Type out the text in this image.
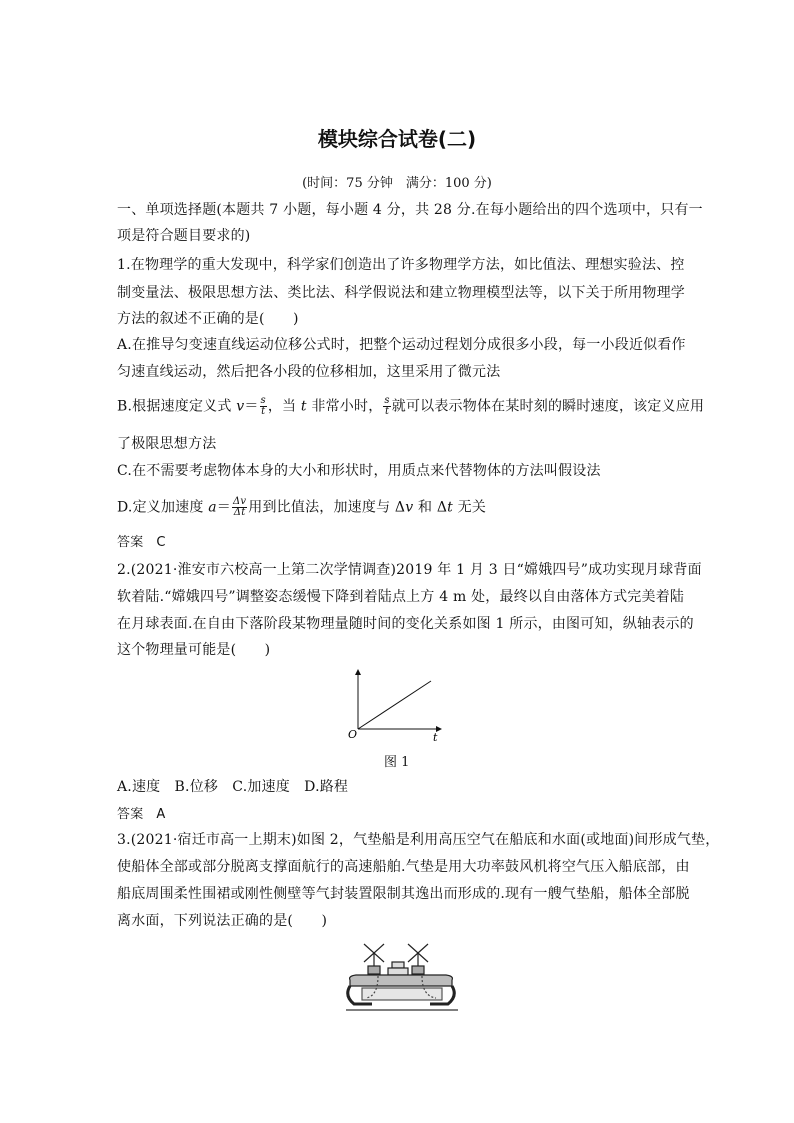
模块综合试卷(二)
(时间：75 分钟　满分：100 分)
一、单项选择题(本题共 7 小题，每小题 4 分，共 28 分.在每小题给出的四个选项中，只有一
项是符合题目要求的)
1.在物理学的重大发现中，科学家们创造出了许多物理学方法，如比值法、理想实验法、控
制变量法、极限思想方法、类比法、科学假说法和建立物理模型法等，以下关于所用物理学
方法的叙述不正确的是(　　)
A.在推导匀变速直线运动位移公式时，把整个运动过程划分成很多小段，每一小段近似看作
匀速直线运动，然后把各小段的位移相加，这里采用了微元法
B.根据速度定义式 $v= \frac{s}{t}$ ，当 t 非常小时， $\frac{s}{t}$ 就可以表示物体在某时刻的瞬时速度，该定义应用
了极限思想方法
C.在不需要考虑物体本身的大小和形状时，用质点来代替物体的方法叫假设法
D.定义加速度 $a= \frac{\Delta v}{\Delta t}$ 用到比值法，加速度与 Δv 和 Δt 无关
答案 C
2.(2021·淮安市六校高一上第二次学情调查)2019 年 1 月 3 日“嫦娥四号”成功实现月球背面
软着陆.“嫦娥四号”调整姿态缓慢下降到着陆点上方 4 m 处，最终以自由落体方式完美着陆
在月球表面.在自由下落阶段某物理量随时间的变化关系如图 1 所示，由图可知，纵轴表示的
这个物理量可能是(　　)
O	t
图 1
A.速度　B.位移　C.加速度　D.路程
答案 A
3.(2021·宿迁市高一上期末)如图 2，气垫船是利用高压空气在船底和水面(或地面)间形成气垫，
使船体全部或部分脱离支撑面航行的高速船舶.气垫是用大功率鼓风机将空气压入船底部，由
船底周围柔性围裙或刚性侧壁等气封装置限制其逸出而形成的.现有一艘气垫船，船体全部脱
离水面，下列说法正确的是(　　)
